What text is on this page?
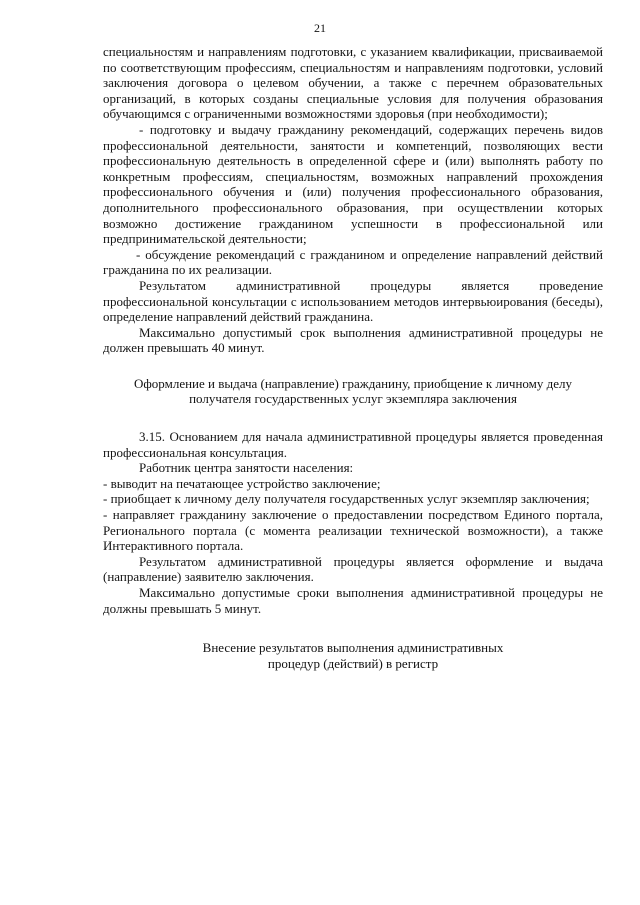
21

специальностям и направлениям подготовки, с указанием квалификации, присваиваемой по соответствующим профессиям, специальностям и направлениям подготовки, условий заключения договора о целевом обучении, а также с перечнем образовательных организаций, в которых созданы специальные условия для получения образования обучающимся с ограниченными возможностями здоровья (при необходимости);

- подготовку и выдачу гражданину рекомендаций, содержащих перечень видов профессиональной деятельности, занятости и компетенций, позволяющих вести профессиональную деятельность в определенной сфере и (или) выполнять работу по конкретным профессиям, специальностям, возможных направлений прохождения профессионального обучения и (или) получения профессионального образования, дополнительного профессионального образования, при осуществлении которых возможно достижение гражданином успешности в профессиональной или предпринимательской деятельности;

- обсуждение рекомендаций с гражданином и определение направлений действий гражданина по их реализации.

Результатом административной процедуры является проведение профессиональной консультации с использованием методов интервьюирования (беседы), определение направлений действий гражданина.

Максимально допустимый срок выполнения административной процедуры не должен превышать 40 минут.

Оформление и выдача (направление) гражданину, приобщение к личному делу получателя государственных услуг экземпляра заключения

3.15. Основанием для начала административной процедуры является проведенная профессиональная консультация.

Работник центра занятости населения:

- выводит на печатающее устройство заключение;

- приобщает к личному делу получателя государственных услуг экземпляр заключения;

- направляет гражданину заключение о предоставлении посредством Единого портала, Регионального портала (с момента реализации технической возможности), а также Интерактивного портала.

Результатом административной процедуры является оформление и выдача (направление) заявителю заключения.

Максимально допустимые сроки выполнения административной процедуры не должны превышать 5 минут.

Внесение результатов выполнения административных

процедур (действий) в регистр
